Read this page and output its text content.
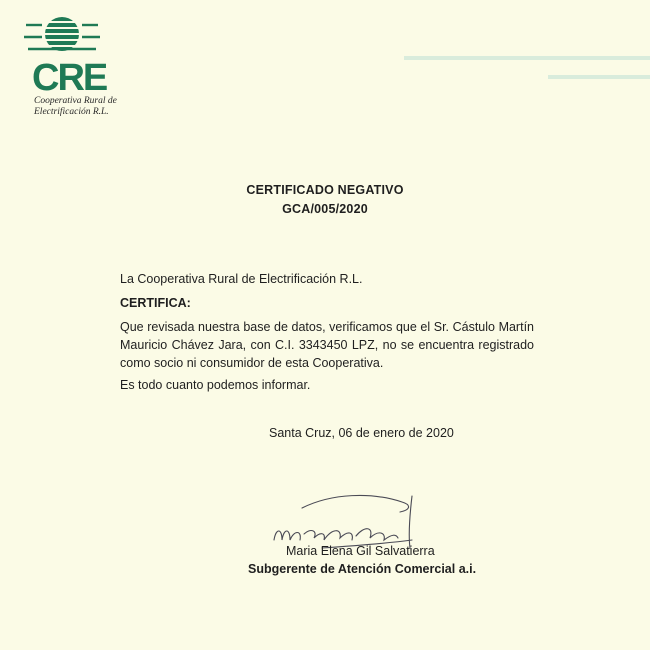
CRE
Cooperativa Rural de
Electrificación R.L.
CERTIFICADO NEGATIVO
GCA/005/2020
La Cooperativa Rural de Electrificación R.L.
CERTIFICA:
Que revisada nuestra base de datos, verificamos que el Sr. Cástulo Martín Mauricio Chávez Jara, con C.I. 3343450 LPZ, no se encuentra registrado como socio ni consumidor de esta Cooperativa.
Es todo cuanto podemos informar.
Santa Cruz, 06 de enero de 2020
Maria Elena Gil Salvatierra
Subgerente de Atención Comercial a.i.
